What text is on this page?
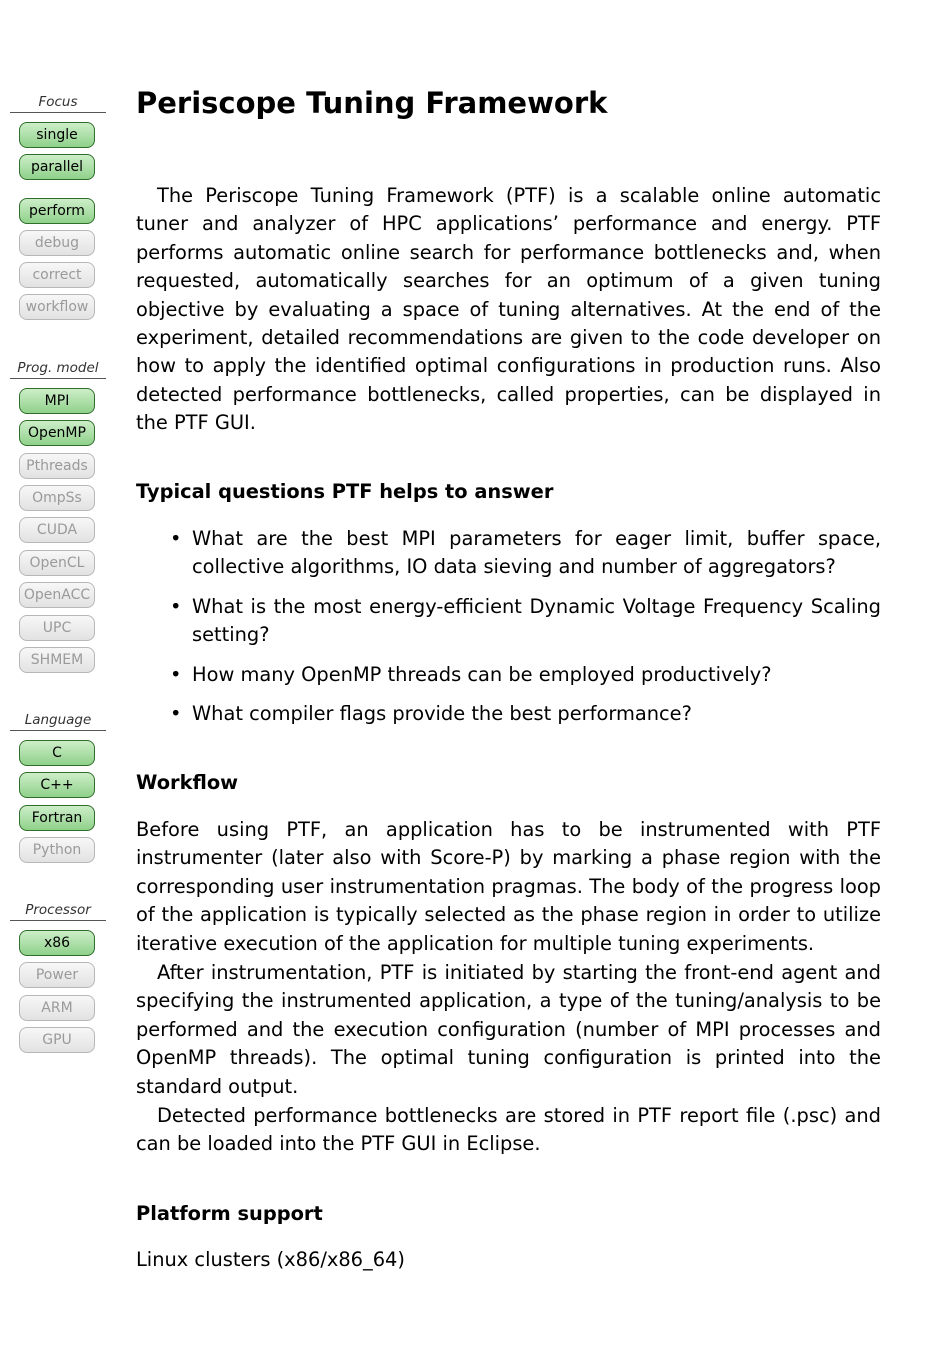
Focus
single
parallel
perform
debug
correct
workflow
Prog. model
MPI
OpenMP
Pthreads
OmpSs
CUDA
OpenCL
OpenACC
UPC
SHMEM
Language
C
C++
Fortran
Python
Processor
x86
Power
ARM
GPU
Periscope Tuning Framework

The Periscope Tuning Framework (PTF) is a scalable online automatic tuner and analyzer of HPC applications’ performance and energy. PTF performs automatic online search for performance bottlenecks and, when requested, automatically searches for an optimum of a given tuning objective by evaluating a space of tuning alternatives. At the end of the experiment, detailed recommendations are given to the code developer on how to apply the identified optimal configurations in production runs. Also detected performance bottlenecks, called properties, can be displayed in the PTF GUI.

Typical questions PTF helps to answer
• What are the best MPI parameters for eager limit, buffer space, collective algorithms, IO data sieving and number of aggregators?
• What is the most energy-efficient Dynamic Voltage Frequency Scaling setting?
• How many OpenMP threads can be employed productively?
• What compiler flags provide the best performance?
Workflow

Before using PTF, an application has to be instrumented with PTF instrumenter (later also with Score-P) by marking a phase region with the corresponding user instrumentation pragmas. The body of the progress loop of the application is typically selected as the phase region in order to utilize iterative execution of the application for multiple tuning experiments.

After instrumentation, PTF is initiated by starting the front-end agent and specifying the instrumented application, a type of the tuning/analysis to be performed and the execution configuration (number of MPI processes and OpenMP threads). The optimal tuning configuration is printed into the standard output.

Detected performance bottlenecks are stored in PTF report file (.psc) and can be loaded into the PTF GUI in Eclipse.

Platform support

Linux clusters (x86/x86_64)
